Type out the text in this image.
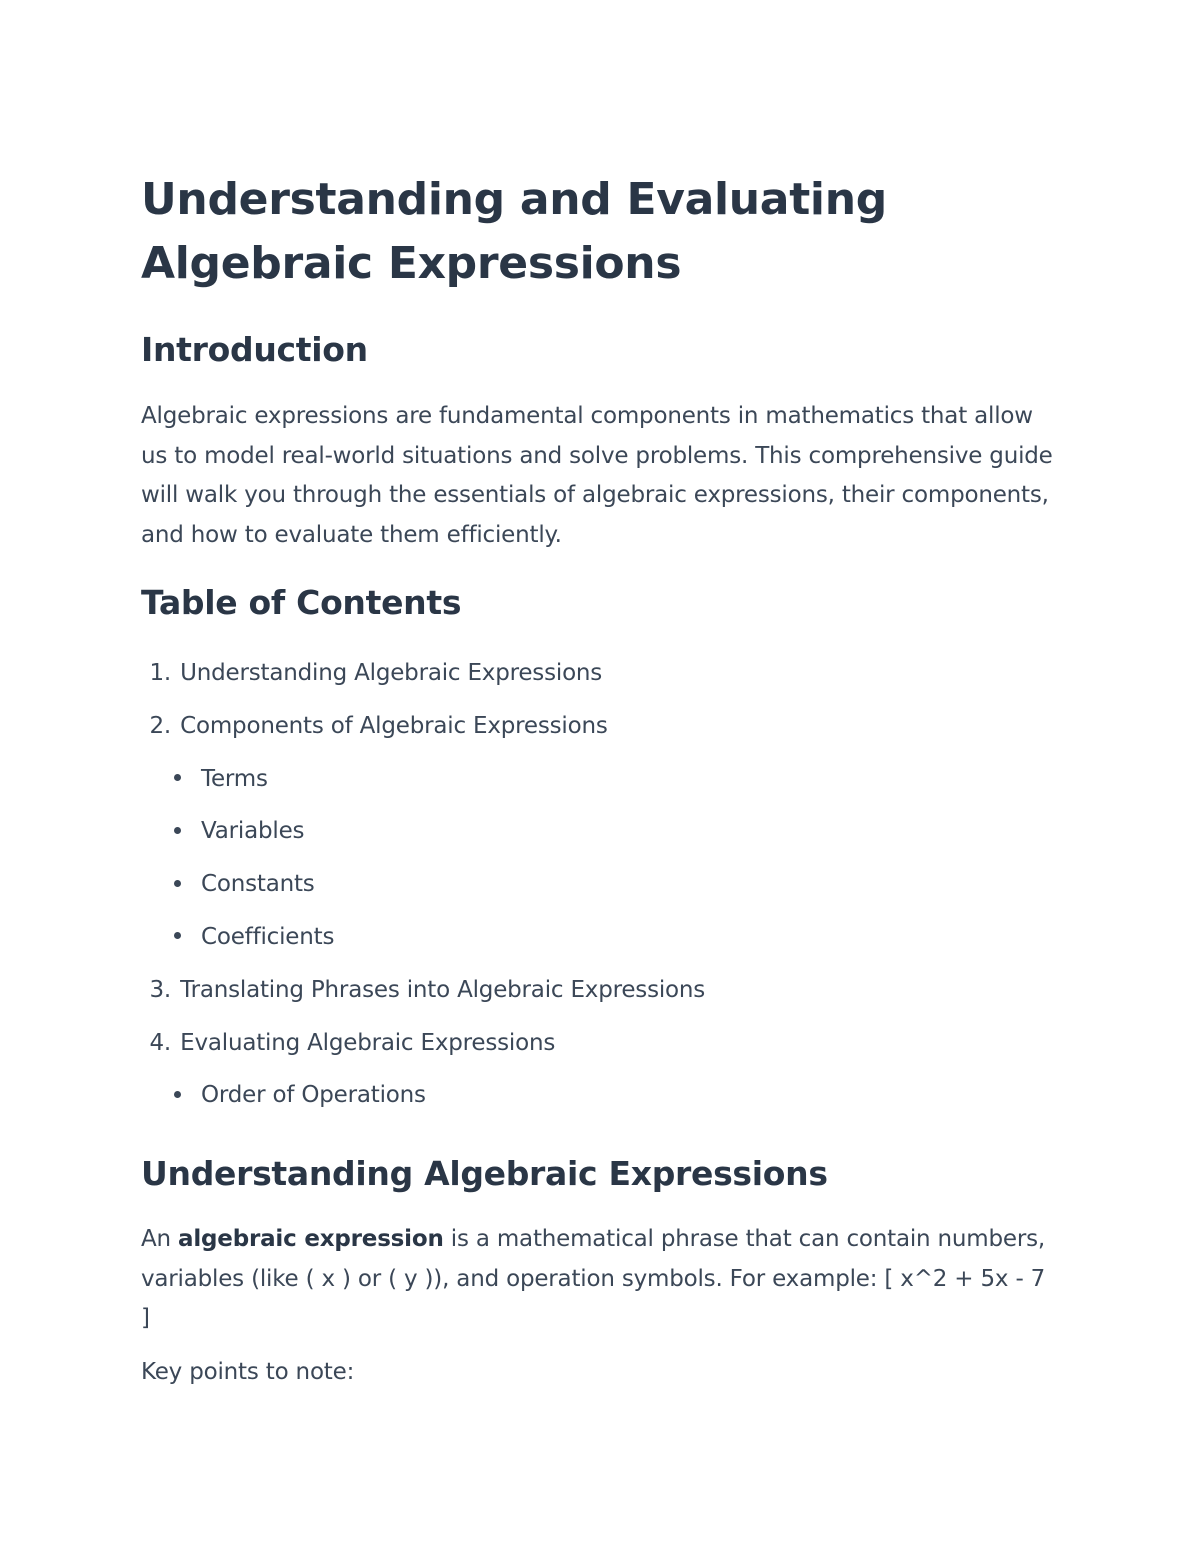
Understanding and Evaluating Algebraic Expressions
Introduction

Algebraic expressions are fundamental components in mathematics that allow us to model real-world situations and solve problems. This comprehensive guide will walk you through the essentials of algebraic expressions, their components, and how to evaluate them efficiently.

Table of Contents
1. Understanding Algebraic Expressions
2. Components of Algebraic Expressions
Terms
Variables
Constants
Coefficients
3. Translating Phrases into Algebraic Expressions
4. Evaluating Algebraic Expressions
Order of Operations
Understanding Algebraic Expressions

An algebraic expression is a mathematical phrase that can contain numbers, variables (like ( x ) or ( y )), and operation symbols. For example: [ x^2 + 5x - 7 ]

Key points to note:
